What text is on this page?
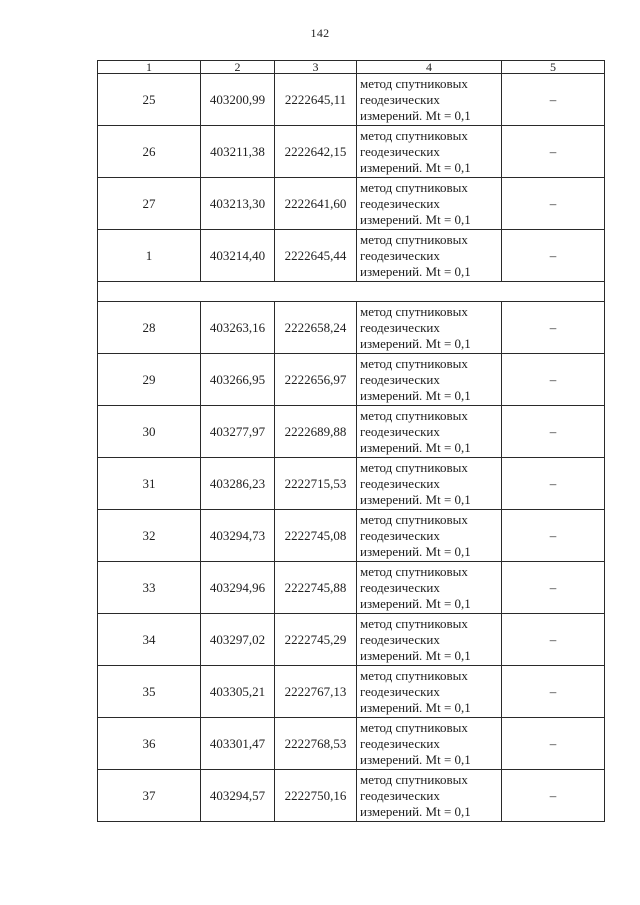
142
1	2	3	4	5
25	403200,99	2222645,11	метод спутниковых
геодезических
измерений. Mt = 0,1	–
26	403211,38	2222642,15	метод спутниковых
геодезических
измерений. Mt = 0,1	–
27	403213,30	2222641,60	метод спутниковых
геодезических
измерений. Mt = 0,1	–
1	403214,40	2222645,44	метод спутниковых
геодезических
измерений. Mt = 0,1	–

28	403263,16	2222658,24	метод спутниковых
геодезических
измерений. Mt = 0,1	–
29	403266,95	2222656,97	метод спутниковых
геодезических
измерений. Mt = 0,1	–
30	403277,97	2222689,88	метод спутниковых
геодезических
измерений. Mt = 0,1	–
31	403286,23	2222715,53	метод спутниковых
геодезических
измерений. Mt = 0,1	–
32	403294,73	2222745,08	метод спутниковых
геодезических
измерений. Mt = 0,1	–
33	403294,96	2222745,88	метод спутниковых
геодезических
измерений. Mt = 0,1	–
34	403297,02	2222745,29	метод спутниковых
геодезических
измерений. Mt = 0,1	–
35	403305,21	2222767,13	метод спутниковых
геодезических
измерений. Mt = 0,1	–
36	403301,47	2222768,53	метод спутниковых
геодезических
измерений. Mt = 0,1	–
37	403294,57	2222750,16	метод спутниковых
геодезических
измерений. Mt = 0,1	–
